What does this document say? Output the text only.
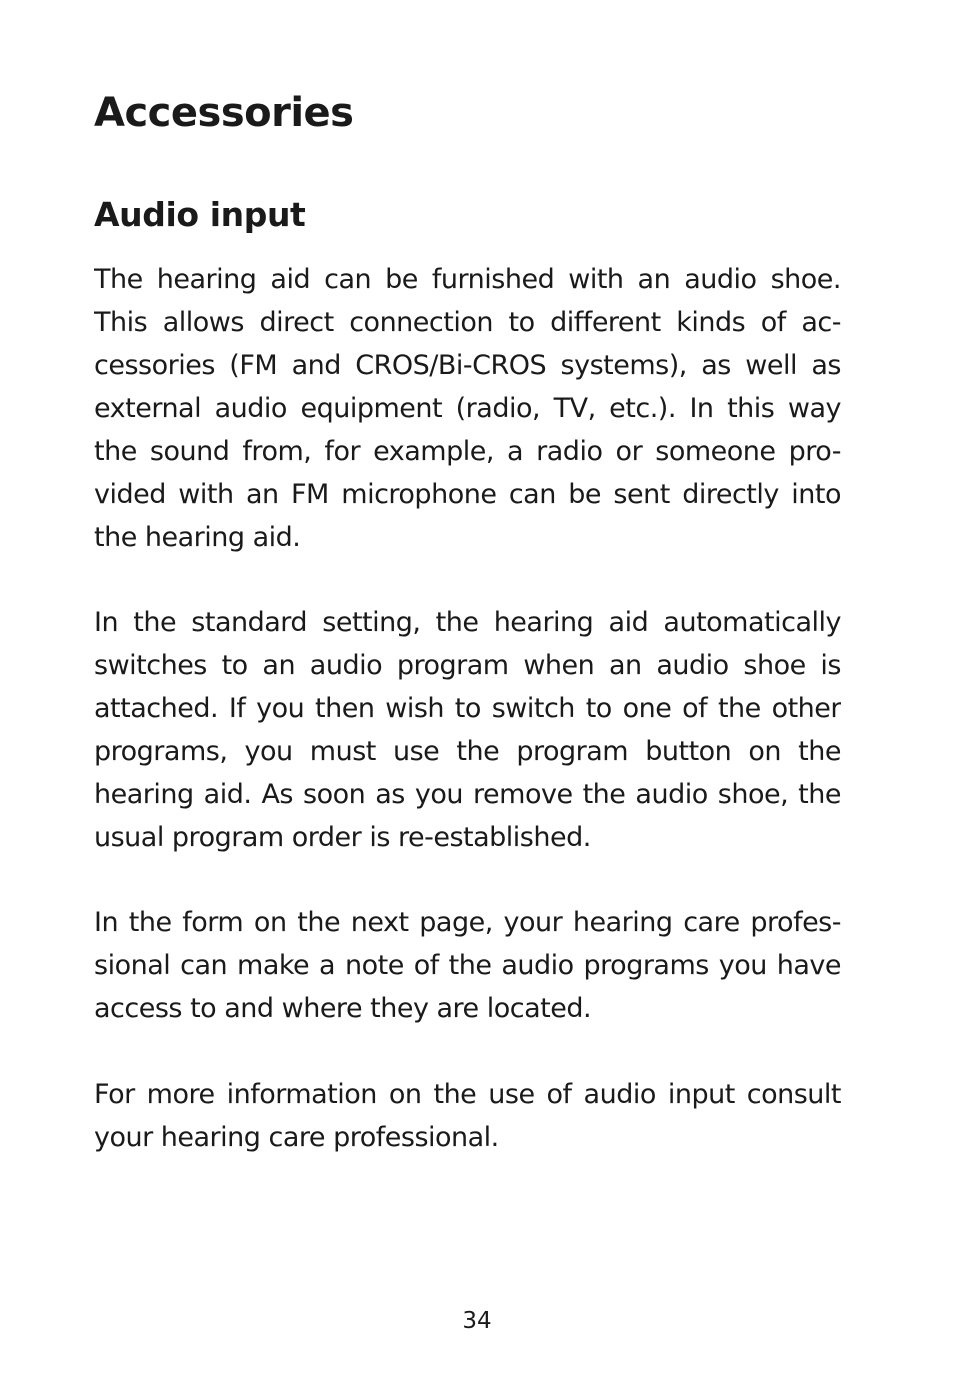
Accessories
Audio input

The hearing aid can be furnished with an audio shoe.
This allows direct connection to different kinds of ac-
cessories (FM and CROS/Bi-CROS systems), as well as
external audio equipment (radio, TV, etc.). In this way
the sound from, for example, a radio or someone pro-
vided with an FM microphone can be sent directly into
the hearing aid.

In the standard setting, the hearing aid automatically
switches to an audio program when an audio shoe is
attached. If you then wish to switch to one of the other
programs, you must use the program button on the
hearing aid. As soon as you remove the audio shoe, the
usual program order is re-established.

In the form on the next page, your hearing care profes-
sional can make a note of the audio programs you have
access to and where they are located.

For more information on the use of audio input consult
your hearing care professional.

34
